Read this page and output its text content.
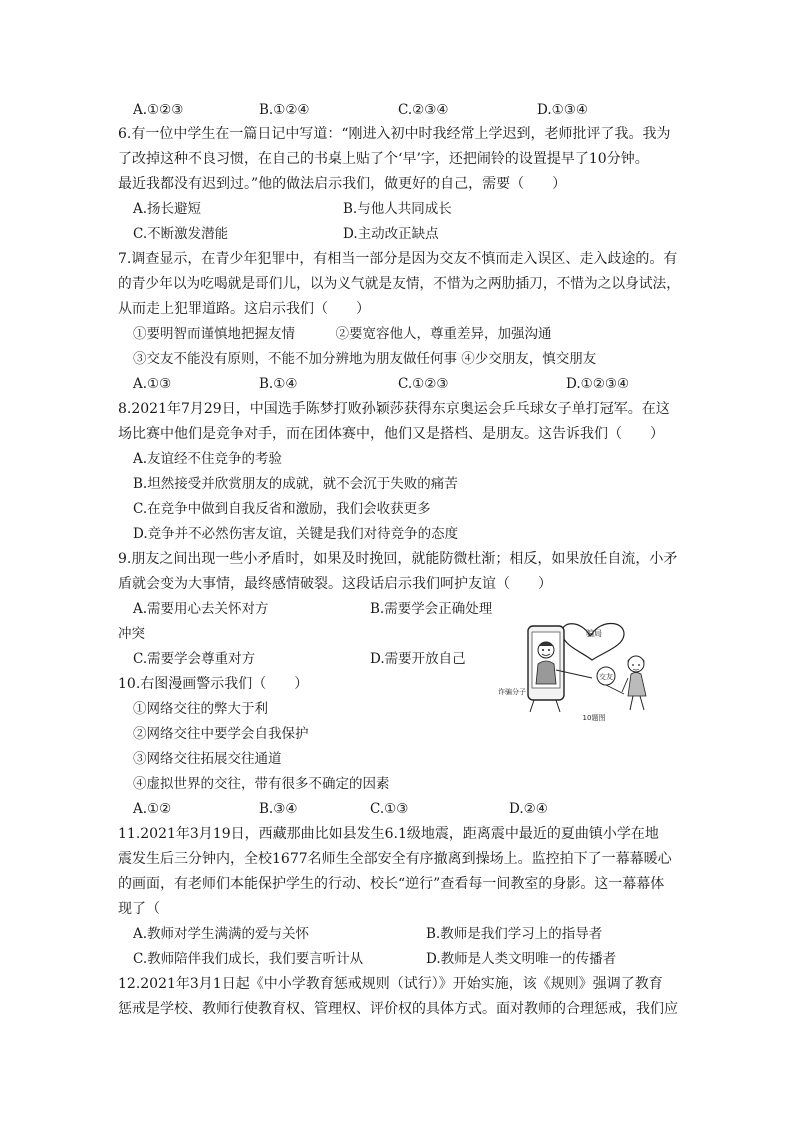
A.①②③	B.①②④	C.②③④	D.①③④
6.有一位中学生在一篇日记中写道：“刚进入初中时我经常上学迟到，老师批评了我。我为
了改掉这种不良习惯，在自己的书桌上贴了个‘早’字，还把闹铃的设置提早了10分钟。
最近我都没有迟到过。”他的做法启示我们，做更好的自己，需要（　　）
A.扬长避短	B.与他人共同成长
C.不断激发潜能	D.主动改正缺点
7.调查显示，在青少年犯罪中，有相当一部分是因为交友不慎而走入误区、走入歧途的。有
的青少年以为吃喝就是哥们儿，以为义气就是友情，不惜为之两肋插刀，不惜为之以身试法，
从而走上犯罪道路。这启示我们（　　）
①要明智而谨慎地把握友情　　　②要宽容他人，尊重差异，加强沟通
③交友不能没有原则，不能不加分辨地为朋友做任何事 ④少交朋友，慎交朋友
A.①③	B.①④	C.①②③	D.①②③④
8.2021年7月29日，中国选手陈梦打败孙颖莎获得东京奥运会乒乓球女子单打冠军。在这
场比赛中他们是竞争对手，而在团体赛中，他们又是搭档、是朋友。这告诉我们（　　）
A.友谊经不住竞争的考验
B.坦然接受并欣赏朋友的成就，就不会沉于失败的痛苦
C.在竞争中做到自我反省和激励，我们会收获更多
D.竞争并不必然伤害友谊，关键是我们对待竞争的态度
9.朋友之间出现一些小矛盾时，如果及时挽回，就能防微杜渐；相反，如果放任自流，小矛
盾就会变为大事情，最终感情破裂。这段话启示我们呵护友谊（　　）
A.需要用心去关怀对方	B.需要学会正确处理
冲突
C.需要学会尊重对方	D.需要开放自己
10.右图漫画警示我们（　　）
①网络交往的弊大于利
②网络交往中要学会自我保护
③网络交往拓展交往通道
④虚拟世界的交往，带有很多不确定的因素
A.①②	B.③④	C.①③	D.②④
骗局
交友
诈骗分子
10题图
11.2021年3月19日，西藏那曲比如县发生6.1级地震，距离震中最近的夏曲镇小学在地
震发生后三分钟内，全校1677名师生全部安全有序撤离到操场上。监控拍下了一幕幕暖心
的画面，有老师们本能保护学生的行动、校长“逆行”查看每一间教室的身影。这一幕幕体
现了（
A.教师对学生满满的爱与关怀	B.教师是我们学习上的指导者
C.教师陪伴我们成长，我们要言听计从	D.教师是人类文明唯一的传播者
12.2021年3月1日起《中小学教育惩戒规则（试行）》开始实施，该《规则》强调了教育
惩戒是学校、教师行使教育权、管理权、评价权的具体方式。面对教师的合理惩戒，我们应
